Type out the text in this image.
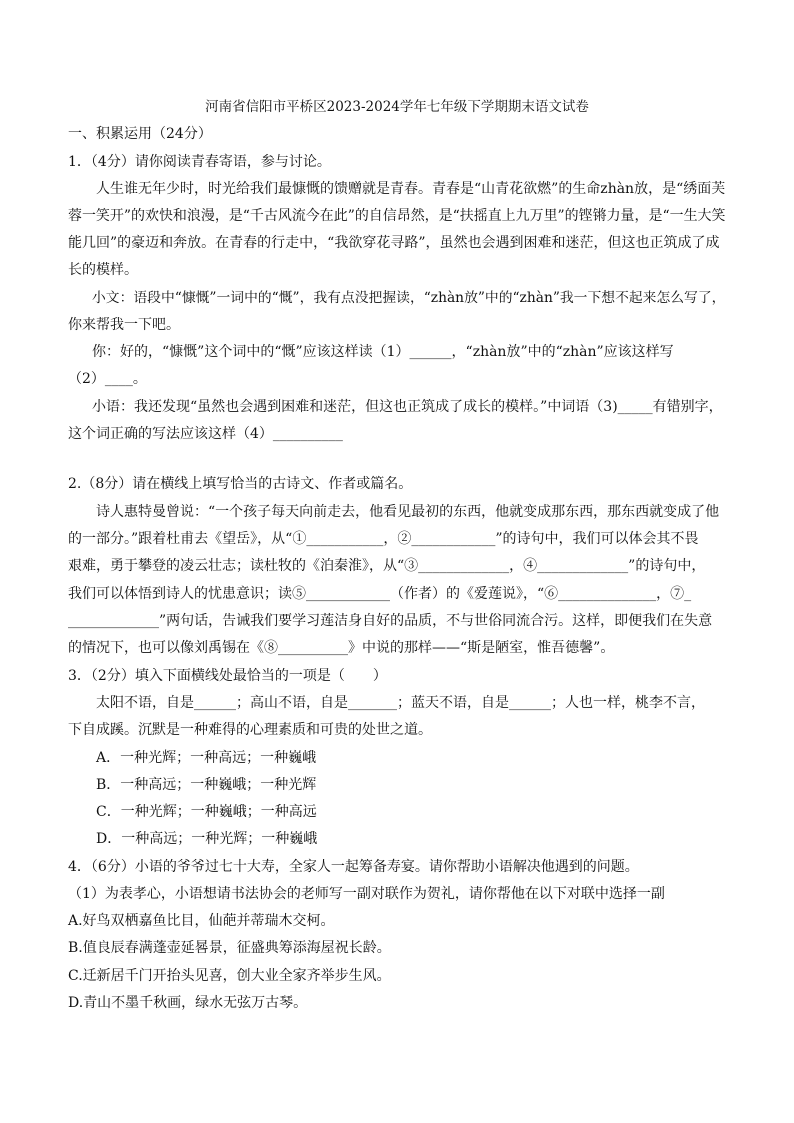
河南省信阳市平桥区2023-2024学年七年级下学期期末语文试卷
一、积累运用（24分）
1．（4分）请你阅读青春寄语，参与讨论。
人生谁无年少时，时光给我们最慷慨的馈赠就是青春。青春是“山青花欲燃”的生命zhàn放，是“绣面芙
蓉一笑开”的欢快和浪漫，是“千古风流今在此”的自信昂然，是“扶摇直上九万里”的铿锵力量，是“一生大笑
能几回”的豪迈和奔放。在青春的行走中，“我欲穿花寻路”，虽然也会遇到困难和迷茫，但这也正筑成了成
长的模样。
小文：语段中“慷慨”一词中的“慨”，我有点没把握读，“zhàn放”中的“zhàn”我一下想不起来怎么写了，
你来帮我一下吧。
你：好的，“慷慨”这个词中的“慨”应该这样读（1）______，“zhàn放”中的“zhàn”应该这样写
（2）____。
小语：我还发现“虽然也会遇到困难和迷茫，但这也正筑成了成长的模样。”中词语（3)_____有错别字，
这个词正确的写法应该这样（4）__________
2.（8分）请在横线上填写恰当的古诗文、作者或篇名。
诗人惠特曼曾说：“一个孩子每天向前走去，他看见最初的东西，他就变成那东西，那东西就变成了他
的一部分。”跟着杜甫去《望岳》，从“①___________，②____________”的诗句中，我们可以体会其不畏
艰难，勇于攀登的凌云壮志；读杜牧的《泊秦淮》，从“③_____________，④_____________”的诗句中，
我们可以体悟到诗人的忧患意识；读⑤____________（作者）的《爱莲说》，“⑥______________，⑦_
_____________”两句话，告诫我们要学习莲洁身自好的品质，不与世俗同流合污。这样，即便我们在失意
的情况下，也可以像刘禹锡在《⑧__________》中说的那样——“斯是陋室，惟吾德馨”。
3．（2分）填入下面横线处最恰当的一项是（　　）
太阳不语，自是______；高山不语，自是_______；蓝天不语，自是______；人也一样，桃李不言，
下自成蹊。沉默是一种难得的心理素质和可贵的处世之道。
A．一种光辉；一种高远；一种巍峨
B．一种高远；一种巍峨；一种光辉
C．一种光辉；一种巍峨；一种高远
D．一种高远；一种光辉；一种巍峨
4．（6分）小语的爷爷过七十大寿，全家人一起筹备寿宴。请你帮助小语解决他遇到的问题。
（1）为表孝心，小语想请书法协会的老师写一副对联作为贺礼，请你帮他在以下对联中选择一副
A.好鸟双栖嘉鱼比目，仙葩并蒂瑞木交柯。
B.值良辰春满蓬壶延晷景，征盛典筹添海屋祝长龄。
C.迁新居千门开抬头见喜，创大业全家齐举步生风。
D.青山不墨千秋画，绿水无弦万古琴。
